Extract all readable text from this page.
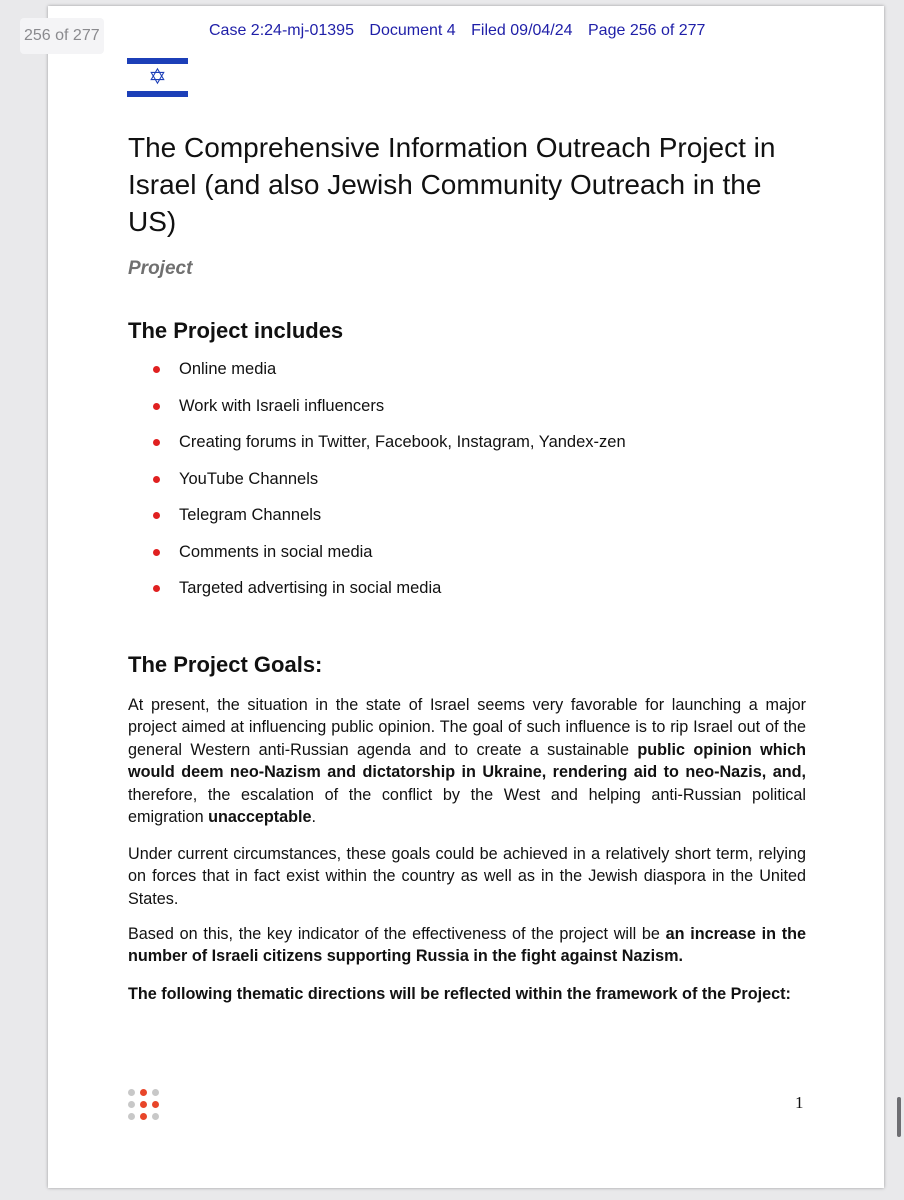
256 of 277	Case 2:24-mj-01395 Document 4 Filed 09/04/24 Page 256 of 277
✡
The Comprehensive Information Outreach Project in Israel (and also Jewish Community Outreach in the US)
Project
The Project includes
Online media
Work with Israeli influencers
Creating forums in Twitter, Facebook, Instagram, Yandex-zen
YouTube Channels
Telegram Channels
Comments in social media
Targeted advertising in social media
The Project Goals:

At present, the situation in the state of Israel seems very favorable for launching a major project aimed at influencing public opinion. The goal of such influence is to rip Israel out of the general Western anti-Russian agenda and to create a sustainable public opinion which would deem neo-Nazism and dictatorship in Ukraine, rendering aid to neo-Nazis, and, therefore, the escalation of the conflict by the West and helping anti-Russian political emigration unacceptable.

Under current circumstances, these goals could be achieved in a relatively short term, relying on forces that in fact exist within the country as well as in the Jewish diaspora in the United States.

Based on this, the key indicator of the effectiveness of the project will be an increase in the number of Israeli citizens supporting Russia in the fight against Nazism.

The following thematic directions will be reflected within the framework of the Project:

1
